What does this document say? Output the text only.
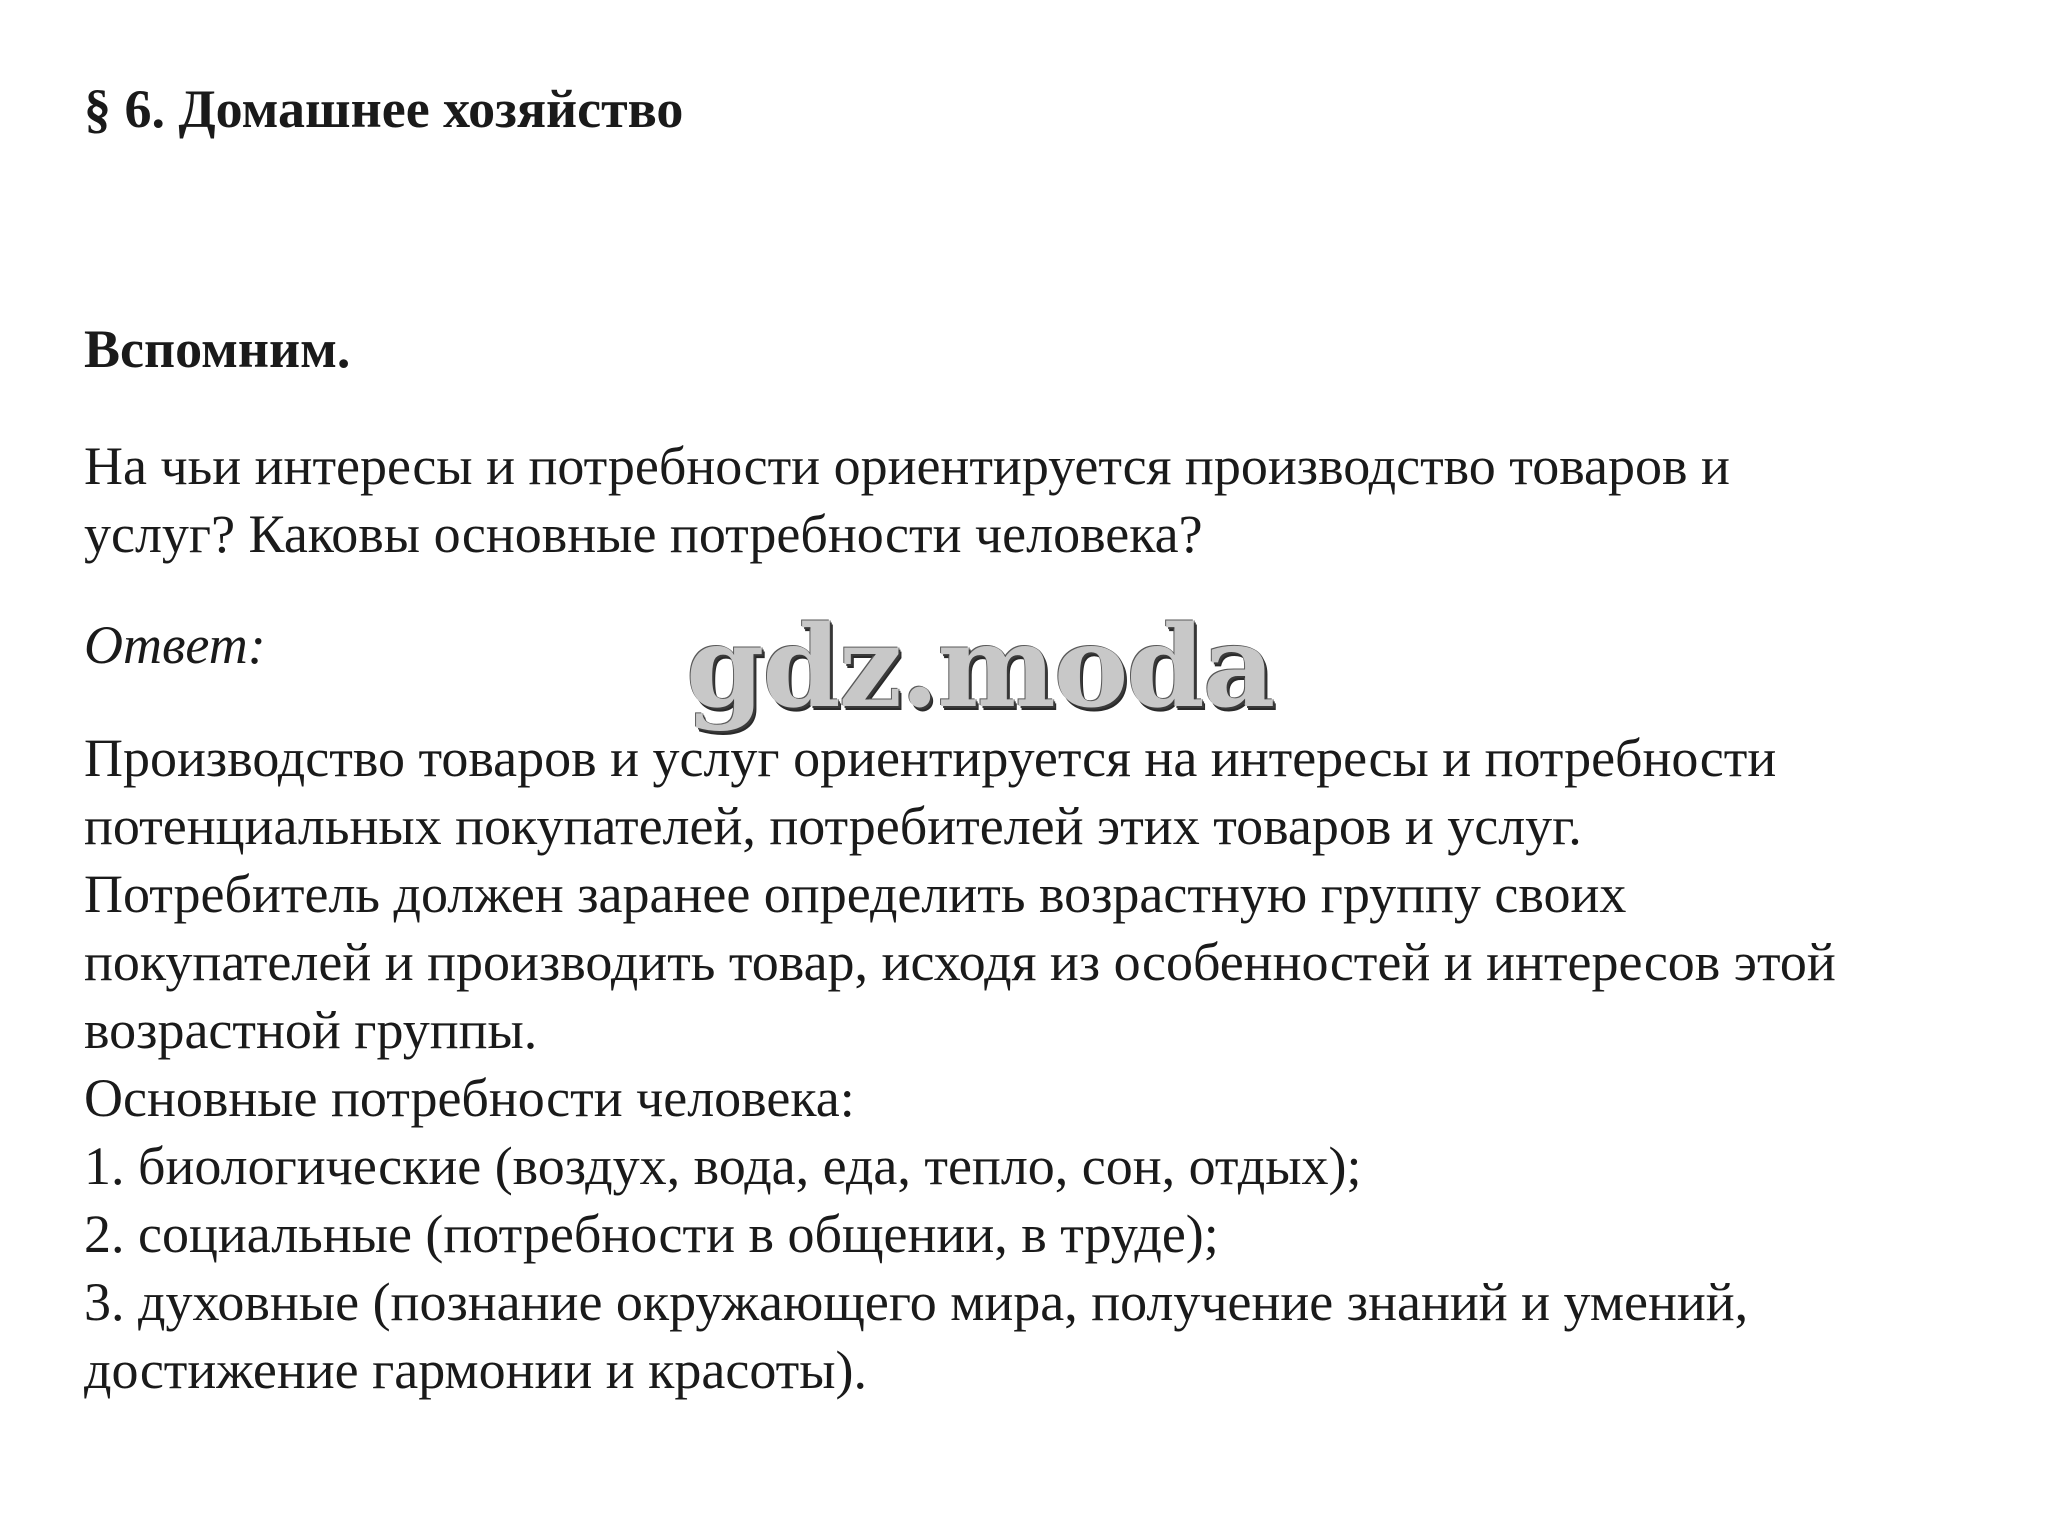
§ 6. Домашнее хозяйство
Вспомним.
На чьи интересы и потребности ориентируется производство товаров и
услуг? Каковы основные потребности человека?
Ответ:
Производство товаров и услуг ориентируется на интересы и потребности
потенциальных покупателей, потребителей этих товаров и услуг.
Потребитель должен заранее определить возрастную группу своих
покупателей и производить товар, исходя из особенностей и интересов этой
возрастной группы.
Основные потребности человека:
1. биологические (воздух, вода, еда, тепло, сон, отдых);
2. социальные (потребности в общении, в труде);
3. духовные (познание окружающего мира, получение знаний и умений,
достижение гармонии и красоты).
gdz.moda
